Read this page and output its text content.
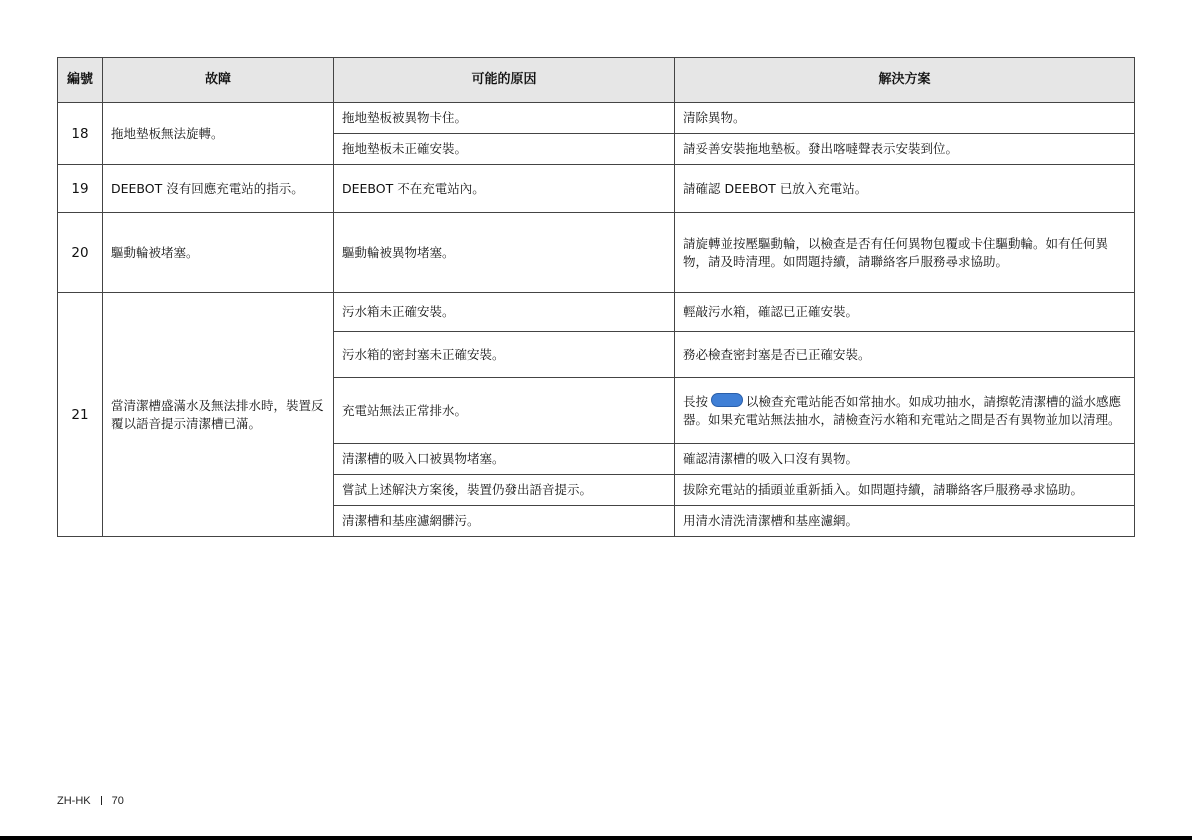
編號	故障	可能的原因	解決方案
18	拖地墊板無法旋轉。	拖地墊板被異物卡住。	清除異物。
		拖地墊板未正確安裝。	請妥善安裝拖地墊板。發出喀噠聲表示安裝到位。
19	DEEBOT 沒有回應充電站的指示。	DEEBOT 不在充電站內。	請確認 DEEBOT 已放入充電站。
20	驅動輪被堵塞。	驅動輪被異物堵塞。	請旋轉並按壓驅動輪，以檢查是否有任何異物包覆或卡住驅動輪。如有任何異物，請及時清理。如問題持續，請聯絡客戶服務尋求協助。
21	當清潔槽盛滿水及無法排水時，裝置反覆以語音提示清潔槽已滿。	污水箱未正確安裝。	輕敲污水箱，確認已正確安裝。
		污水箱的密封塞未正確安裝。	務必檢查密封塞是否已正確安裝。
		充電站無法正常排水。	長按 以檢查充電站能否如常抽水。如成功抽水，請擦乾清潔槽的溢水感應器。如果充電站無法抽水，請檢查污水箱和充電站之間是否有異物並加以清理。
		清潔槽的吸入口被異物堵塞。	確認清潔槽的吸入口沒有異物。
		嘗試上述解決方案後，裝置仍發出語音提示。	拔除充電站的插頭並重新插入。如問題持續，請聯絡客戶服務尋求協助。
		清潔槽和基座濾網髒污。	用清水清洗清潔槽和基座濾網。
ZH-HK 70
